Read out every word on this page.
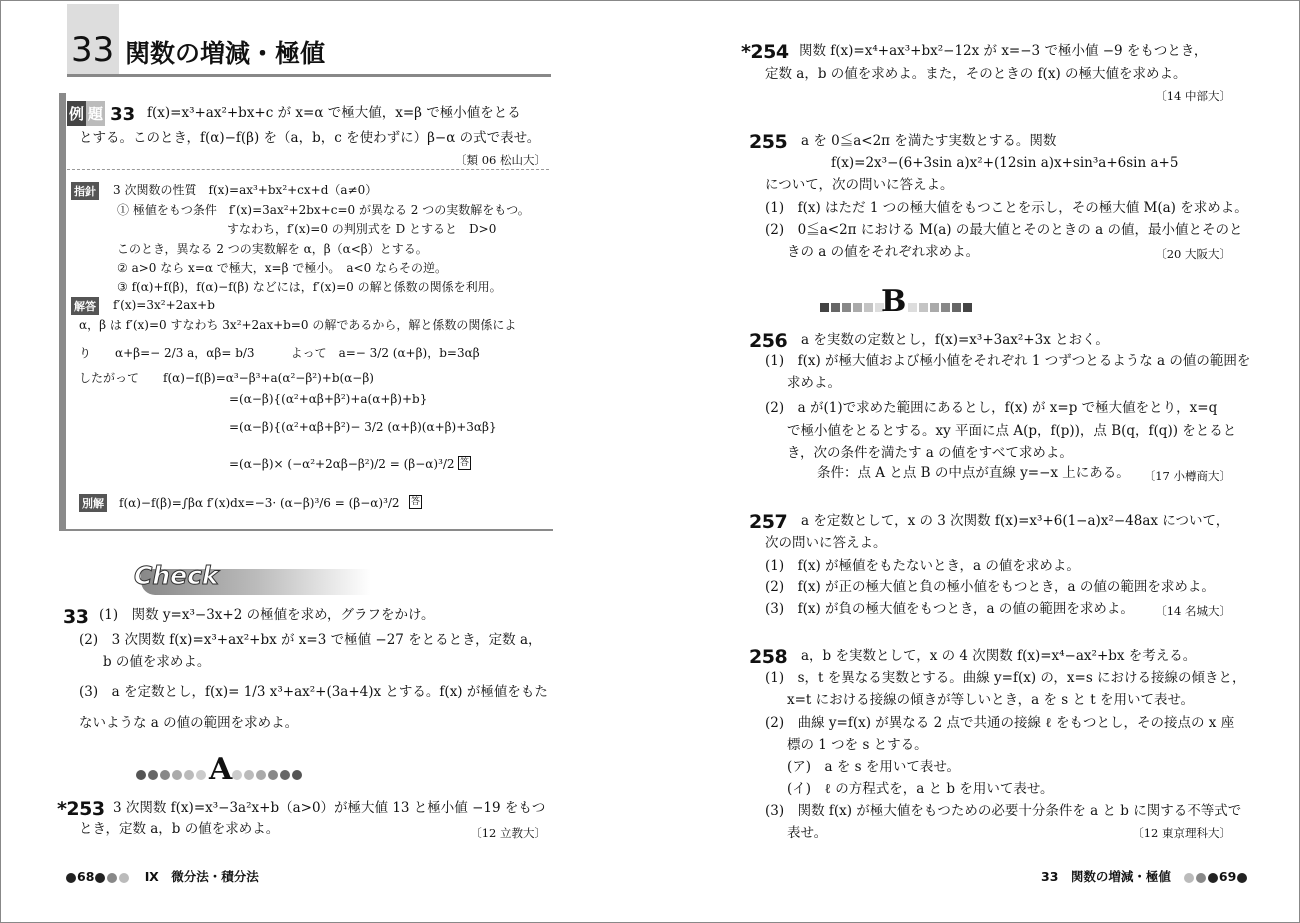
33 関数の増減・極値
例 題 33 f(x)=x³+ax²+bx+c が x=α で極大値，x=β で極小値をとる
とする。このとき，f(α)−f(β) を（a，b，c を使わずに）β−α の式で表せ。
〔類 06 松山大〕
指針 3 次関数の性質　f(x)=ax³+bx²+cx+d（a≠0）
① 極値をもつ条件　f′(x)=3ax²+2bx+c=0 が異なる 2 つの実数解をもつ。
すなわち，f′(x)=0 の判別式を D とすると　D>0
このとき，異なる 2 つの実数解を α，β（α<β）とする。
② a>0 なら x=α で極大，x=β で極小。　a<0 ならその逆。
③ f(α)+f(β)，f(α)−f(β) などには，f′(x)=0 の解と係数の関係を利用。
解答 f′(x)=3x²+2ax+b
α，β は f′(x)=0 すなわち 3x²+2ax+b=0 の解であるから，解と係数の関係によ
り　　α+β=− 2/3 a，αβ= b/3　　　よって　a=− 3/2 (α+β)，b=3αβ
したがって　　f(α)−f(β)=α³−β³+a(α²−β²)+b(α−β)
=(α−β){(α²+αβ+β²)+a(α+β)+b}
=(α−β){(α²+αβ+β²)− 3/2 (α+β)(α+β)+3αβ}
=(α−β)× (−α²+2αβ−β²)/2 = (β−α)³/2 答
別解 f(α)−f(β)=∫βα f′(x)dx=−3· (α−β)³/6 = (β−α)³/2 答
Check
33 (1)　関数 y=x³−3x+2 の極値を求め，グラフをかけ。
(2)　3 次関数 f(x)=x³+ax²+bx が x=3 で極値 −27 をとるとき，定数 a，
b の値を求めよ。
(3)　a を定数とし，f(x)= 1/3 x³+ax²+(3a+4)x とする。f(x) が極値をもた
ないような a の値の範囲を求めよ。
A
*253 3 次関数 f(x)=x³−3a²x+b（a>0）が極大値 13 と極小値 −19 をもつ
とき，定数 a，b の値を求めよ。	〔12 立教大〕
68	Ⅸ　微分法・積分法
*254 関数 f(x)=x⁴+ax³+bx²−12x が x=−3 で極小値 −9 をもつとき，
定数 a，b の値を求めよ。また，そのときの f(x) の極大値を求めよ。
〔14 中部大〕
255 a を 0≦a<2π を満たす実数とする。関数
f(x)=2x³−(6+3sin a)x²+(12sin a)x+sin³a+6sin a+5
について，次の問いに答えよ。
(1)　f(x) はただ 1 つの極大値をもつことを示し，その極大値 M(a) を求めよ。
(2)　0≦a<2π における M(a) の最大値とそのときの a の値，最小値とそのと
きの a の値をそれぞれ求めよ。	〔20 大阪大〕
B
256 a を実数の定数とし，f(x)=x³+3ax²+3x とおく。
(1)　f(x) が極大値および極小値をそれぞれ 1 つずつとるような a の値の範囲を
求めよ。
(2)　a が(1)で求めた範囲にあるとし，f(x) が x=p で極大値をとり，x=q
で極小値をとるとする。xy 平面に点 A(p，f(p))，点 B(q，f(q)) をとると
き，次の条件を満たす a の値をすべて求めよ。
条件：点 A と点 B の中点が直線 y=−x 上にある。	〔17 小樽商大〕
257 a を定数として，x の 3 次関数 f(x)=x³+6(1−a)x²−48ax について，
次の問いに答えよ。
(1)　f(x) が極値をもたないとき，a の値を求めよ。
(2)　f(x) が正の極大値と負の極小値をもつとき，a の値の範囲を求めよ。
(3)　f(x) が負の極大値をもつとき，a の値の範囲を求めよ。	〔14 名城大〕
258 a，b を実数として，x の 4 次関数 f(x)=x⁴−ax²+bx を考える。
(1)　s，t を異なる実数とする。曲線 y=f(x) の，x=s における接線の傾きと，
x=t における接線の傾きが等しいとき，a を s と t を用いて表せ。
(2)　曲線 y=f(x) が異なる 2 点で共通の接線 ℓ をもつとし，その接点の x 座
標の 1 つを s とする。
(ア)　a を s を用いて表せ。
(イ)　ℓ の方程式を，a と b を用いて表せ。
(3)　関数 f(x) が極大値をもつための必要十分条件を a と b に関する不等式で
表せ。	〔12 東京理科大〕
33　関数の増減・極値	69
